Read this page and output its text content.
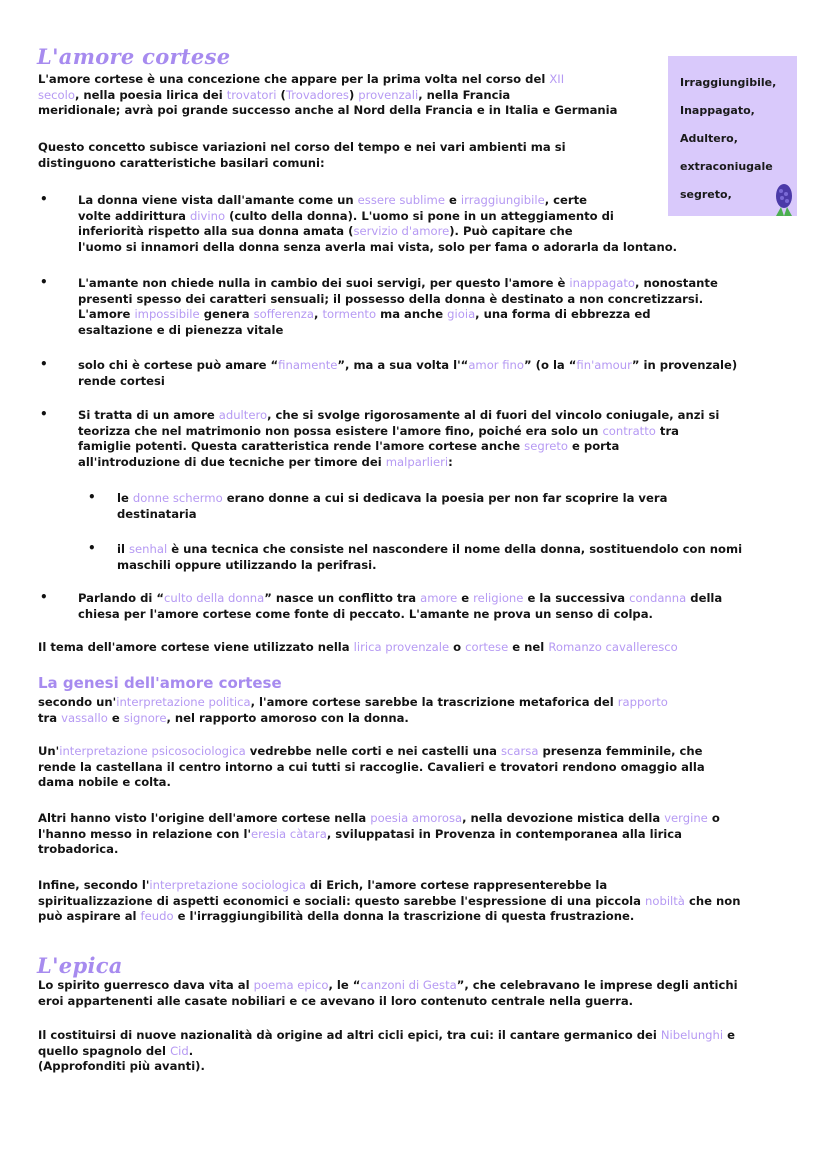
L'amore cortese
L'amore cortese è una concezione che appare per la prima volta nel corso del XII
secolo, nella poesia lirica dei trovatori (Trovadores) provenzali, nella Francia
meridionale; avrà poi grande successo anche al Nord della Francia e in Italia e Germania
Questo concetto subisce variazioni nel corso del tempo e nei vari ambienti ma si
distinguono caratteristiche basilari comuni:
Il tema dell'amore cortese viene utilizzato nella lirica provenzale o cortese e nel Romanzo cavalleresco
Irraggiungibile,
Inappagato,
Adultero,
extraconiugale
segreto,
La genesi dell'amore cortese
L'epica
•	La donna viene vista dall'amante come un essere sublime e irraggiungibile, certe
volte addirittura divino (culto della donna). L'uomo si pone in un atteggiamento di
inferiorità rispetto alla sua donna amata (servizio d'amore). Può capitare che
l'uomo si innamori della donna senza averla mai vista, solo per fama o adorarla da lontano.
•	L'amante non chiede nulla in cambio dei suoi servigi, per questo l'amore è inappagato, nonostante
presenti spesso dei caratteri sensuali; il possesso della donna è destinato a non concretizzarsi.
L'amore impossibile genera sofferenza, tormento ma anche gioia, una forma di ebbrezza ed
esaltazione e di pienezza vitale
•	solo chi è cortese può amare “finamente”, ma a sua volta l'“amor fino” (o la “fin'amour” in provenzale)
rende cortesi
•	Si tratta di un amore adultero, che si svolge rigorosamente al di fuori del vincolo coniugale, anzi si
teorizza che nel matrimonio non possa esistere l'amore fino, poiché era solo un contratto tra
famiglie potenti. Questa caratteristica rende l'amore cortese anche segreto e porta
all'introduzione di due tecniche per timore dei malparlieri:
•	Parlando di “culto della donna” nasce un conflitto tra amore e religione e la successiva condanna della
chiesa per l'amore cortese come fonte di peccato. L'amante ne prova un senso di colpa.
• le donne schermo erano donne a cui si dedicava la poesia per non far scoprire la vera
destinataria
• il senhal è una tecnica che consiste nel nascondere il nome della donna, sostituendolo con nomi
maschili oppure utilizzando la perifrasi.
secondo un'interpretazione politica, l'amore cortese sarebbe la trascrizione metaforica del rapporto
tra vassallo e signore, nel rapporto amoroso con la donna.
Un'interpretazione psicosociologica vedrebbe nelle corti e nei castelli una scarsa presenza femminile, che
rende la castellana il centro intorno a cui tutti si raccoglie. Cavalieri e trovatori rendono omaggio alla
dama nobile e colta.
Altri hanno visto l'origine dell'amore cortese nella poesia amorosa, nella devozione mistica della vergine o
l'hanno messo in relazione con l'eresia càtara, sviluppatasi in Provenza in contemporanea alla lirica
trobadorica.
Infine, secondo l'interpretazione sociologica di Erich, l'amore cortese rappresenterebbe la
spiritualizzazione di aspetti economici e sociali: questo sarebbe l'espressione di una piccola nobiltà che non
può aspirare al feudo e l'irraggiungibilità della donna la trascrizione di questa frustrazione.
Lo spirito guerresco dava vita al poema epico, le “canzoni di Gesta”, che celebravano le imprese degli antichi
eroi appartenenti alle casate nobiliari e ce avevano il loro contenuto centrale nella guerra.
Il costituirsi di nuove nazionalità dà origine ad altri cicli epici, tra cui: il cantare germanico dei Nibelunghi e
quello spagnolo del Cid.
(Approfonditi più avanti).
